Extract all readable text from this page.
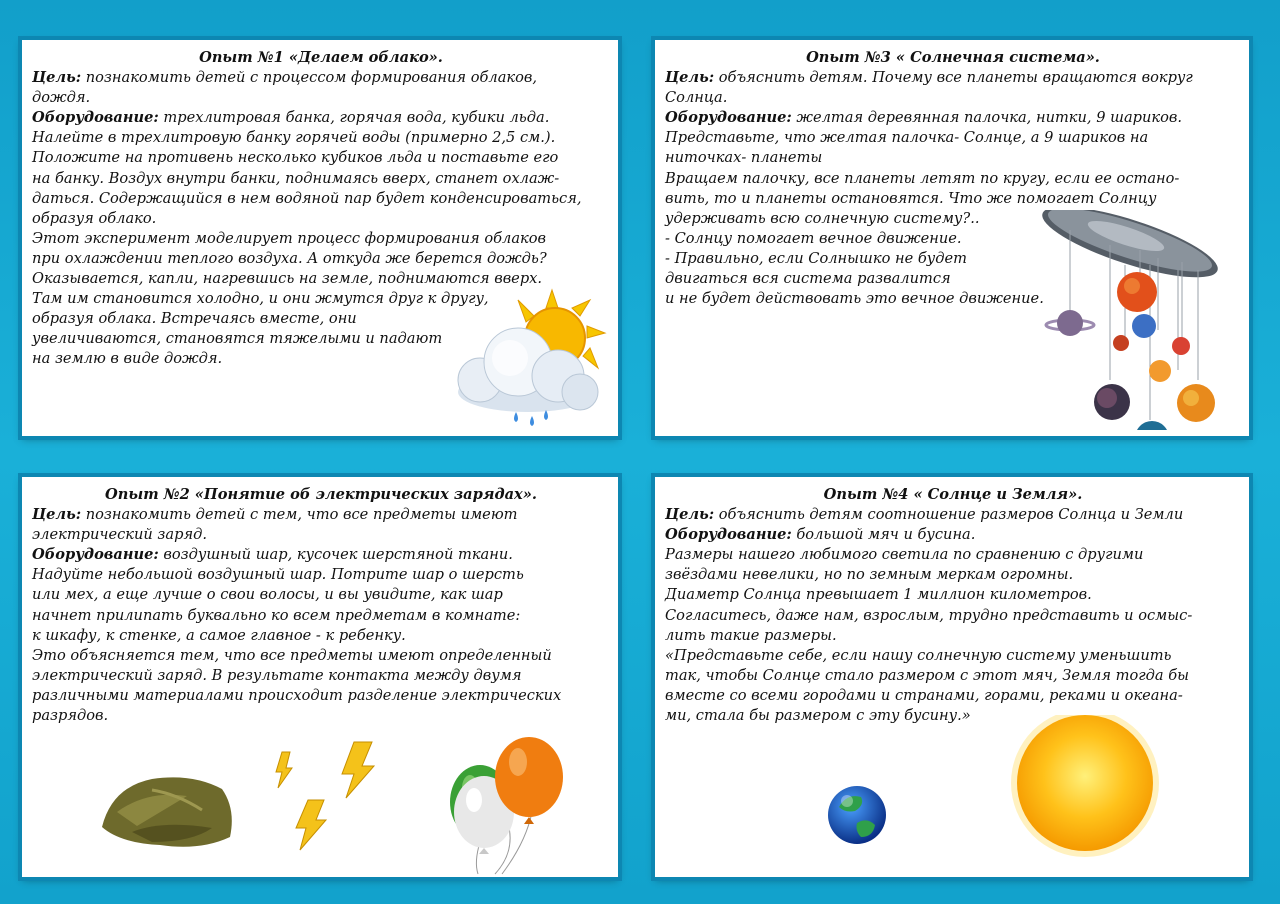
Опыт №1 «Делаем облако».
Цель: познакомить детей с процессом формирования облаков,
дождя.
Оборудование: трехлитровая банка, горячая вода, кубики льда.
Налейте в трехлитровую банку горячей воды (примерно 2,5 см.).
Положите на противень несколько кубиков льда и поставьте его
на банку. Воздух внутри банки, поднимаясь вверх, станет охлаж-
даться. Содержащийся в нем водяной пар будет конденсироваться,
образуя облако.
Этот эксперимент моделирует процесс формирования облаков
при охлаждении теплого воздуха. А откуда же берется дождь?
Оказывается, капли, нагревшись на земле, поднимаются вверх.
Там им становится холодно, и они жмутся друг к другу,
образуя облака. Встречаясь вместе, они
увеличиваются, становятся тяжелыми и падают
на землю в виде дождя.
Опыт №3 « Солнечная система».
Цель: объяснить детям. Почему все планеты вращаются вокруг
Солнца.
Оборудование: желтая деревянная палочка, нитки, 9 шариков.
Представьте, что желтая палочка- Солнце, а 9 шариков на
ниточках- планеты
Вращаем палочку, все планеты летят по кругу, если ее остано-
вить, то и планеты остановятся. Что же помогает Солнцу
удерживать всю солнечную систему?..
- Солнцу помогает вечное движение.
- Правильно, если Солнышко не будет
двигаться вся система развалится
и не будет действовать это вечное движение.
Опыт №2 «Понятие об электрических зарядах».
Цель: познакомить детей с тем, что все предметы имеют
электрический заряд.
Оборудование: воздушный шар, кусочек шерстяной ткани.
Надуйте небольшой воздушный шар. Потрите шар о шерсть
или мех, а еще лучше о свои волосы, и вы увидите, как шар
начнет прилипать буквально ко всем предметам в комнате:
к шкафу, к стенке, а самое главное - к ребенку.
Это объясняется тем, что все предметы имеют определенный
электрический заряд. В результате контакта между двумя
различными материалами происходит разделение электрических
разрядов.
Опыт №4 « Солнце и Земля».
Цель: объяснить детям соотношение размеров Солнца и Земли
Оборудование: большой мяч и бусина.
Размеры нашего любимого светила по сравнению с другими
звёздами невелики, но по земным меркам огромны.
Диаметр Солнца превышает 1 миллион километров.
Согласитесь, даже нам, взрослым, трудно представить и осмыс-
лить такие размеры.
«Представьте себе, если нашу солнечную систему уменьшить
так, чтобы Солнце стало размером с этот мяч, Земля тогда бы
вместе со всеми городами и странами, горами, реками и океана-
ми, стала бы размером с эту бусину.»
